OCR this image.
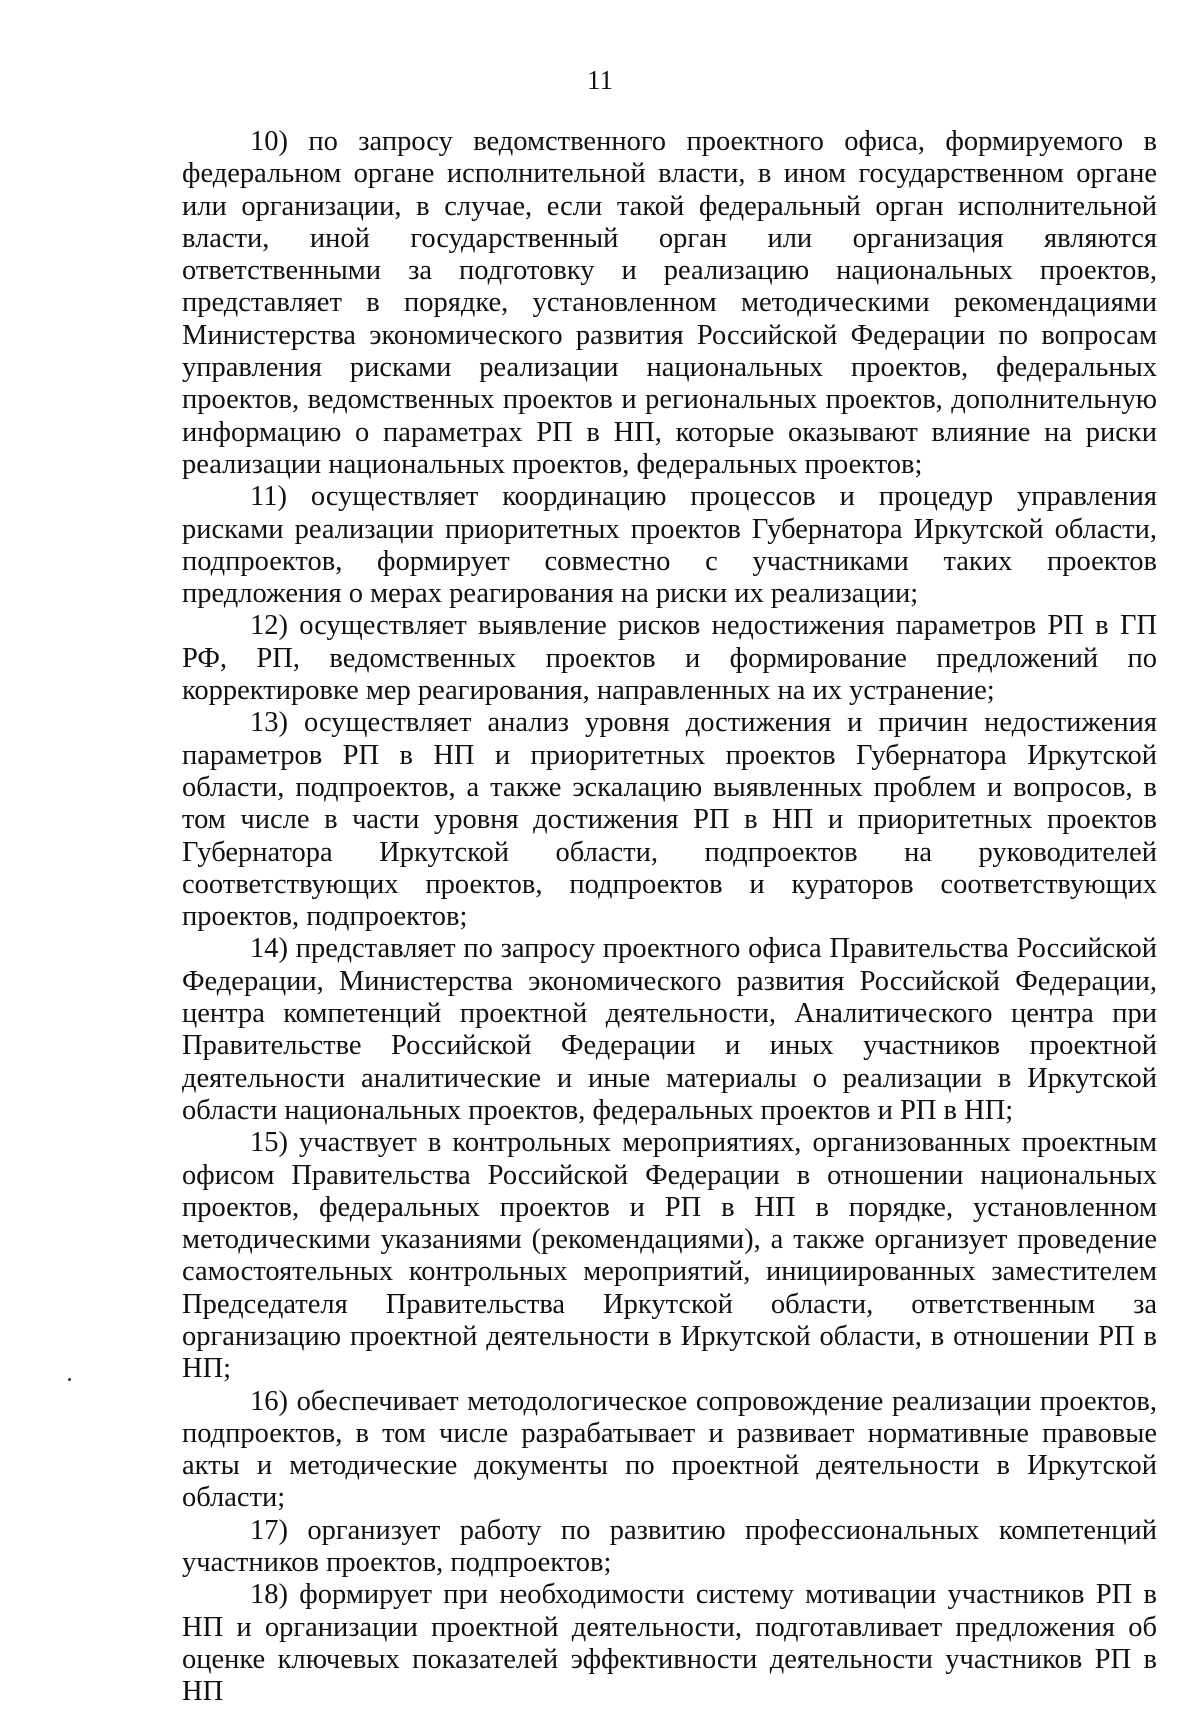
11

10) по запросу ведомственного проектного офиса, формируемого в федеральном органе исполнительной власти, в ином государственном органе или организации, в случае, если такой федеральный орган исполнительной власти, иной государственный орган или организация являются ответственными за подготовку и реализацию национальных проектов, представляет в порядке, установленном методическими рекомендациями Министерства экономического развития Российской Федерации по вопросам управления рисками реализации национальных проектов, федеральных проектов, ведомственных проектов и региональных проектов, дополнительную информацию о параметрах РП в НП, которые оказывают влияние на риски реализации национальных проектов, федеральных проектов;

11) осуществляет координацию процессов и процедур управления рисками реализации приоритетных проектов Губернатора Иркутской области, подпроектов, формирует совместно с участниками таких проектов предложения о мерах реагирования на риски их реализации;

12) осуществляет выявление рисков недостижения параметров РП в ГП РФ, РП, ведомственных проектов и формирование предложений по корректировке мер реагирования, направленных на их устранение;

13) осуществляет анализ уровня достижения и причин недостижения параметров РП в НП и приоритетных проектов Губернатора Иркутской области, подпроектов, а также эскалацию выявленных проблем и вопросов, в том числе в части уровня достижения РП в НП и приоритетных проектов Губернатора Иркутской области, подпроектов на руководителей соответствующих проектов, подпроектов и кураторов соответствующих проектов, подпроектов;

14) представляет по запросу проектного офиса Правительства Российской Федерации, Министерства экономического развития Российской Федерации, центра компетенций проектной деятельности, Аналитического центра при Правительстве Российской Федерации и иных участников проектной деятельности аналитические и иные материалы о реализации в Иркутской области национальных проектов, федеральных проектов и РП в НП;

15) участвует в контрольных мероприятиях, организованных проектным офисом Правительства Российской Федерации в отношении национальных проектов, федеральных проектов и РП в НП в порядке, установленном методическими указаниями (рекомендациями), а также организует проведение самостоятельных контрольных мероприятий, инициированных заместителем Председателя Правительства Иркутской области, ответственным за организацию проектной деятельности в Иркутской области, в отношении РП в НП;

16) обеспечивает методологическое сопровождение реализации проектов, подпроектов, в том числе разрабатывает и развивает нормативные правовые акты и методические документы по проектной деятельности в Иркутской области;

17) организует работу по развитию профессиональных компетенций участников проектов, подпроектов;

18) формирует при необходимости систему мотивации участников РП в НП и организации проектной деятельности, подготавливает предложения об оценке ключевых показателей эффективности деятельности участников РП в НП
